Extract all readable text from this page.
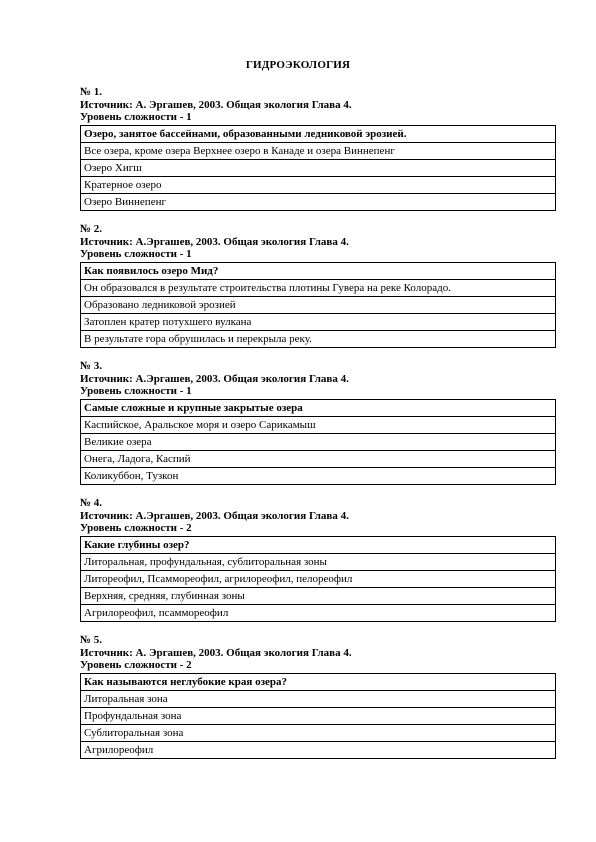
ГИДРОЭКОЛОГИЯ
№ 1.
Источник: А. Эргашев, 2003. Общая экология Глава 4.
Уровень сложности - 1
Озеро, занятое бассейнами, образованными ледниковой эрозией.
Все озера, кроме озера Верхнее озеро в Канаде и озера Виннепенг
Озеро Хигш
Кратерное озеро
Озеро Виннепенг
№ 2.
Источник: А.Эргашев, 2003. Общая экология Глава 4.
Уровень сложности - 1
Как появилось озеро Мид?
Он образовался в результате строительства плотины Гувера на реке Колорадо.
Образовано ледниковой эрозией
Затоплен кратер потухшего вулкана
В результате гора обрушилась и перекрыла реку.
№ 3.
Источник: А.Эргашев, 2003. Общая экология Глава 4.
Уровень сложности - 1
Самые сложные и крупные закрытые озера
Каспийское, Аральское моря и озеро Сарикамыш
Великие озера
Онега, Ладога, Каспий
Коликуббон, Тузкон
№ 4.
Источник: А.Эргашев, 2003. Общая экология Глава 4.
Уровень сложности - 2
Какие глубины озер?
Литоральная, профундальная, сублиторальная зоны
Литореофил, Псаммореофил, агрилореофил, пелореофил
Верхняя, средняя, глубинная зоны
Агрилореофил, псаммореофил
№ 5.
Источник: А. Эргашев, 2003. Общая экология Глава 4.
Уровень сложности - 2
Как называются неглубокие края озера?
Литоральная зона
Профундальная зона
Сублиторальная зона
Агрилореофил
